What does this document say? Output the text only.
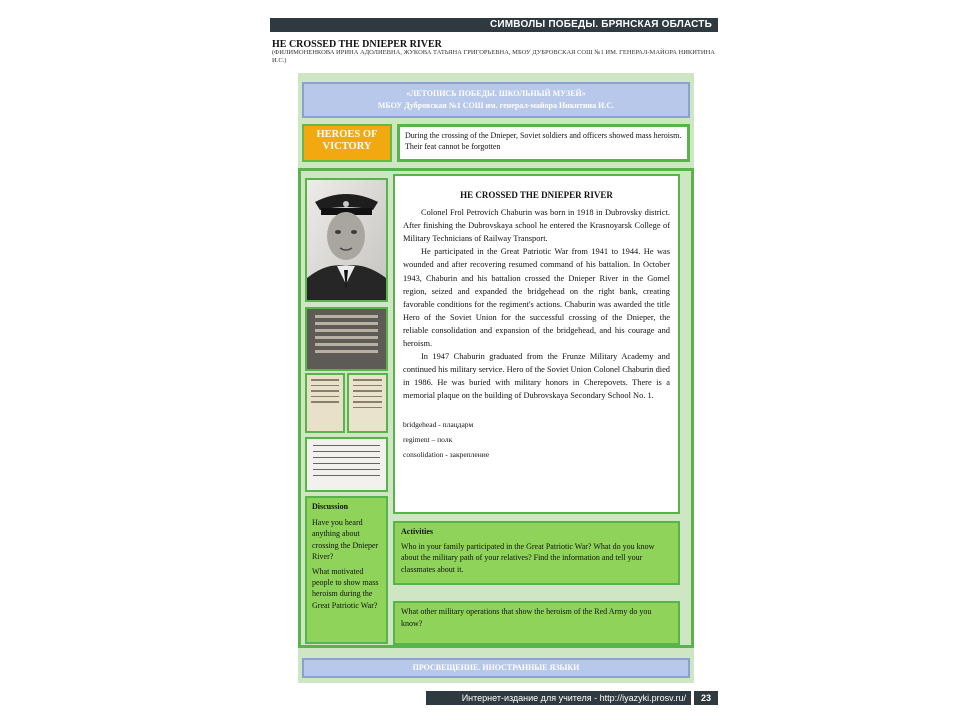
СИМВОЛЫ ПОБЕДЫ. БРЯНСКАЯ ОБЛАСТЬ
HE CROSSED THE DNIEPER RIVER
(ФИЛИМОНЕНКОВА ИРИНА АДОЛИЕВНА, ЖУКОВА ТАТЬЯНА ГРИГОРЬЕВНА, МБОУ ДУБРОВСКАЯ СОШ №1 ИМ. ГЕНЕРАЛ-МАЙОРА НИКИТИНА И.С.)
«ЛЕТОПИСЬ ПОБЕДЫ. ШКОЛЬНЫЙ МУЗЕЙ»
МБОУ Дубровская №1 СОШ им. генерал-майора Никитина И.С.
HEROES OF
VICTORY
During the crossing of the Dnieper, Soviet soldiers and officers showed mass heroism. Their feat cannot be forgotten
HE CROSSED THE DNIEPER RIVER

Colonel Frol Petrovich Chaburin was born in 1918 in Dubrovsky district. After finishing the Dubrovskaya school he entered the Krasnoyarsk College of Military Technicians of Railway Transport.

He participated in the Great Patriotic War from 1941 to 1944. He was wounded and after recovering resumed command of his battalion. In October 1943, Chaburin and his battalion crossed the Dnieper River in the Gomel region, seized and expanded the bridgehead on the right bank, creating favorable conditions for the regiment's actions. Chaburin was awarded the title Hero of the Soviet Union for the successful crossing of the Dnieper, the reliable consolidation and expansion of the bridgehead, and his courage and heroism.

In 1947 Chaburin graduated from the Frunze Military Academy and continued his military service. Hero of the Soviet Union Colonel Chaburin died in 1986. He was buried with military honors in Cherepovets. There is a memorial plaque on the building of Dubrovskaya Secondary School No. 1.

bridgehead - плацдарм
regiment – полк
consolidation - закрепление
Discussion

Have you heard anything about crossing the Dnieper River?

What motivated people to show mass heroism during the Great Patriotic War?

Activities
Who in your family participated in the Great Patriotic War? What do you know about the military path of your relatives? Find the information and tell your classmates about it.
What other military operations that show the heroism of the Red Army do you know?
ПРОСВЕЩЕНИЕ. ИНОСТРАННЫЕ ЯЗЫКИ
Интернет-издание для учителя - http://iyazyki.prosv.ru/	23
